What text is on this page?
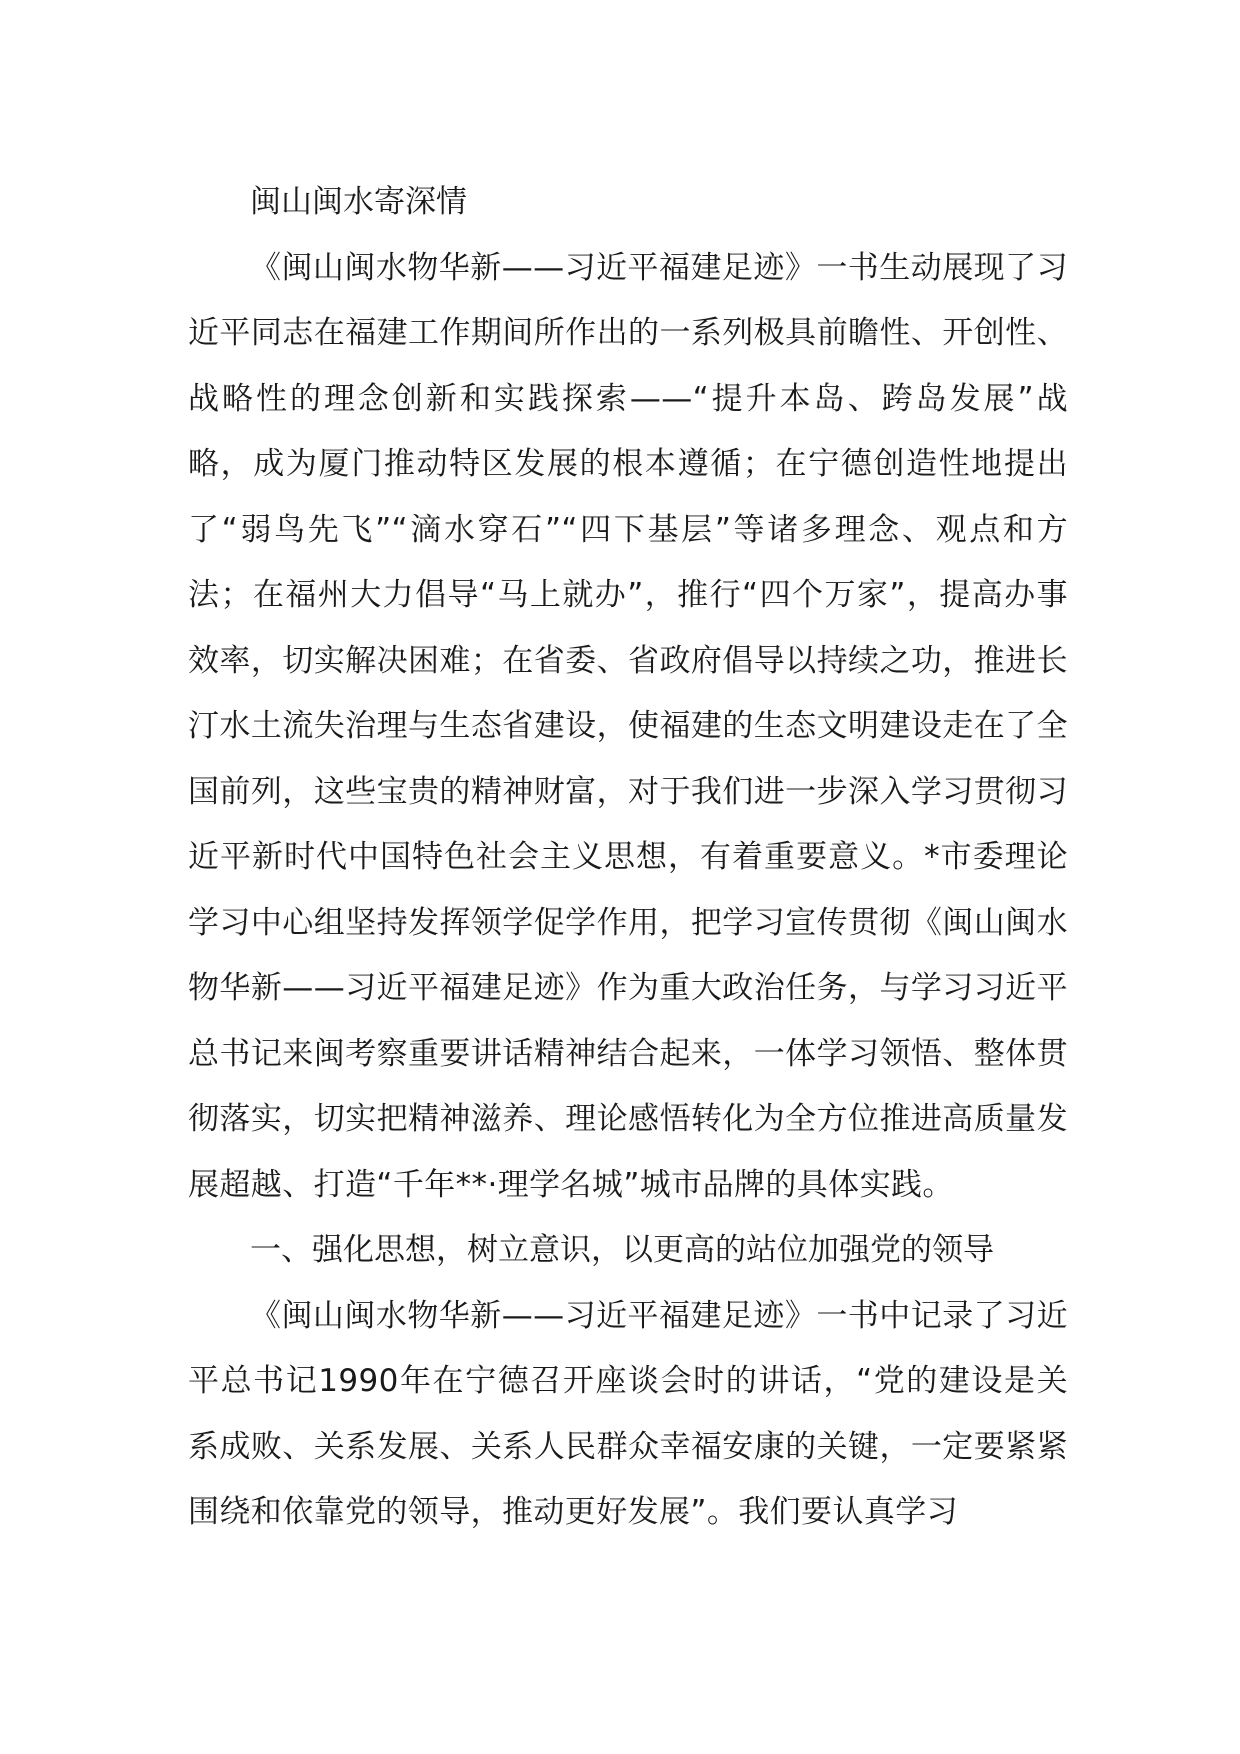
闽山闽水寄深情

《闽山闽水物华新——习近平福建足迹》一书生动展现了习近平同志在福建工作期间所作出的一系列极具前瞻性、开创性、战略性的理念创新和实践探索——“提升本岛、跨岛发展”战略，成为厦门推动特区发展的根本遵循；在宁德创造性地提出了“弱鸟先飞”“滴水穿石”“四下基层”等诸多理念、观点和方法；在福州大力倡导“马上就办”，推行“四个万家”，提高办事效率，切实解决困难；在省委、省政府倡导以持续之功，推进长汀水土流失治理与生态省建设，使福建的生态文明建设走在了全国前列，这些宝贵的精神财富，对于我们进一步深入学习贯彻习近平新时代中国特色社会主义思想，有着重要意义。*市委理论学习中心组坚持发挥领学促学作用，把学习宣传贯彻《闽山闽水物华新——习近平福建足迹》作为重大政治任务，与学习习近平总书记来闽考察重要讲话精神结合起来，一体学习领悟、整体贯彻落实，切实把精神滋养、理论感悟转化为全方位推进高质量发展超越、打造“千年**·理学名城”城市品牌的具体实践。

一、强化思想，树立意识，以更高的站位加强党的领导

《闽山闽水物华新——习近平福建足迹》一书中记录了习近平总书记1990年在宁德召开座谈会时的讲话，“党的建设是关系成败、关系发展、关系人民群众幸福安康的关键，一定要紧紧围绕和依靠党的领导，推动更好发展”。我们要认真学习
